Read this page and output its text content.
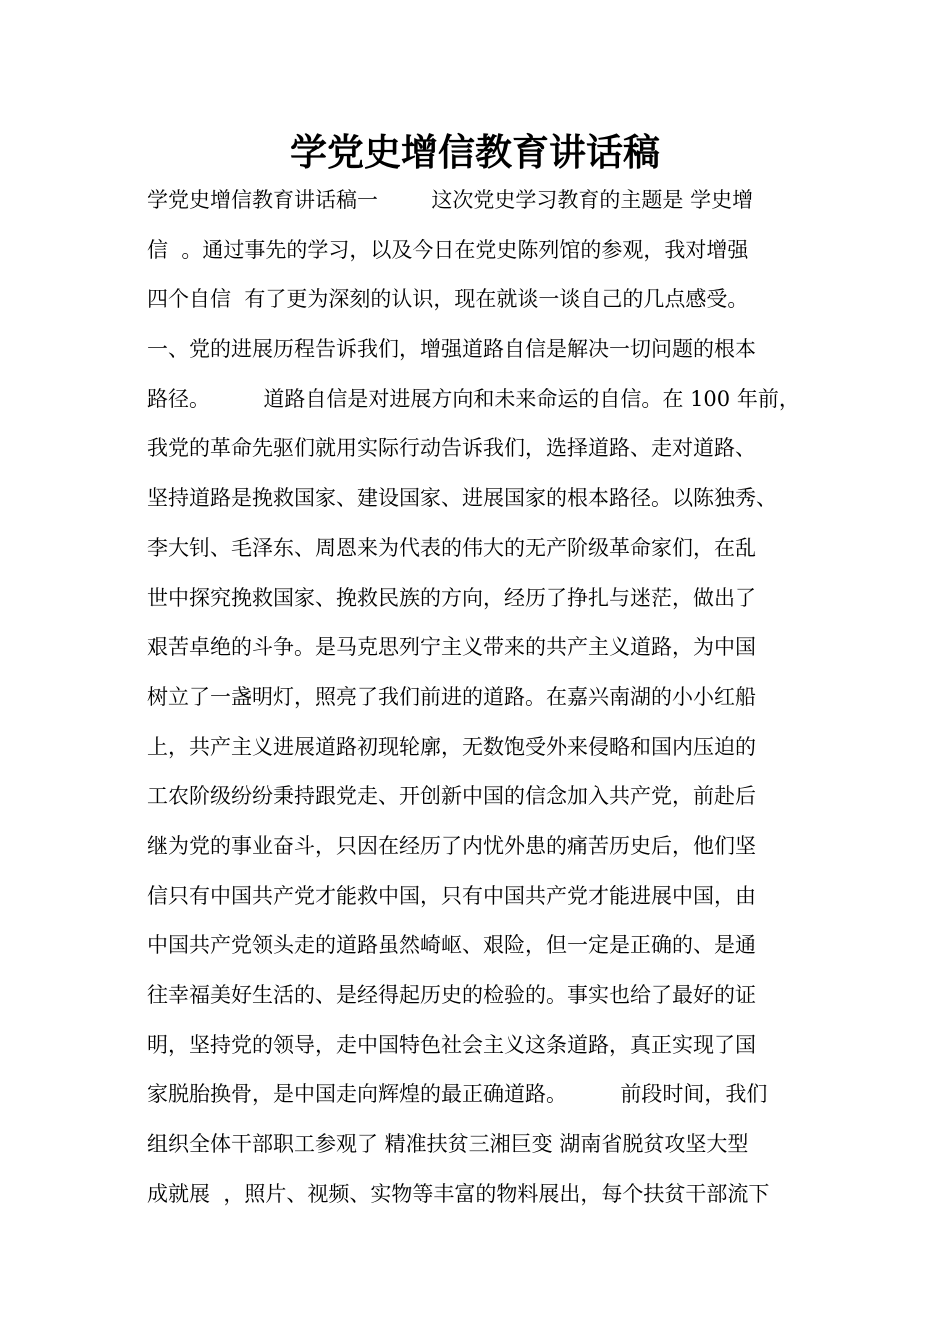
学党史增信教育讲话稿
学党史增信教育讲话稿一        这次党史学习教育的主题是 学史增
信  。通过事先的学习，以及今日在党史陈列馆的参观，我对增强
四个自信  有了更为深刻的认识，现在就谈一谈自己的几点感受。
一、党的进展历程告诉我们，增强道路自信是解决一切问题的根本
路径。        道路自信是对进展方向和未来命运的自信。在 100 年前，
我党的革命先驱们就用实际行动告诉我们，选择道路、走对道路、
坚持道路是挽救国家、建设国家、进展国家的根本路径。以陈独秀、
李大钊、毛泽东、周恩来为代表的伟大的无产阶级革命家们，在乱
世中探究挽救国家、挽救民族的方向，经历了挣扎与迷茫，做出了
艰苦卓绝的斗争。是马克思列宁主义带来的共产主义道路，为中国
树立了一盏明灯，照亮了我们前进的道路。在嘉兴南湖的小小红船
上，共产主义进展道路初现轮廓，无数饱受外来侵略和国内压迫的
工农阶级纷纷秉持跟党走、开创新中国的信念加入共产党，前赴后
继为党的事业奋斗，只因在经历了内忧外患的痛苦历史后，他们坚
信只有中国共产党才能救中国，只有中国共产党才能进展中国，由
中国共产党领头走的道路虽然崎岖、艰险，但一定是正确的、是通
往幸福美好生活的、是经得起历史的检验的。事实也给了最好的证
明，坚持党的领导，走中国特色社会主义这条道路，真正实现了国
家脱胎换骨，是中国走向辉煌的最正确道路。        前段时间，我们
组织全体干部职工参观了 精准扶贫三湘巨变 湖南省脱贫攻坚大型
成就展  ，照片、视频、实物等丰富的物料展出，每个扶贫干部流下
